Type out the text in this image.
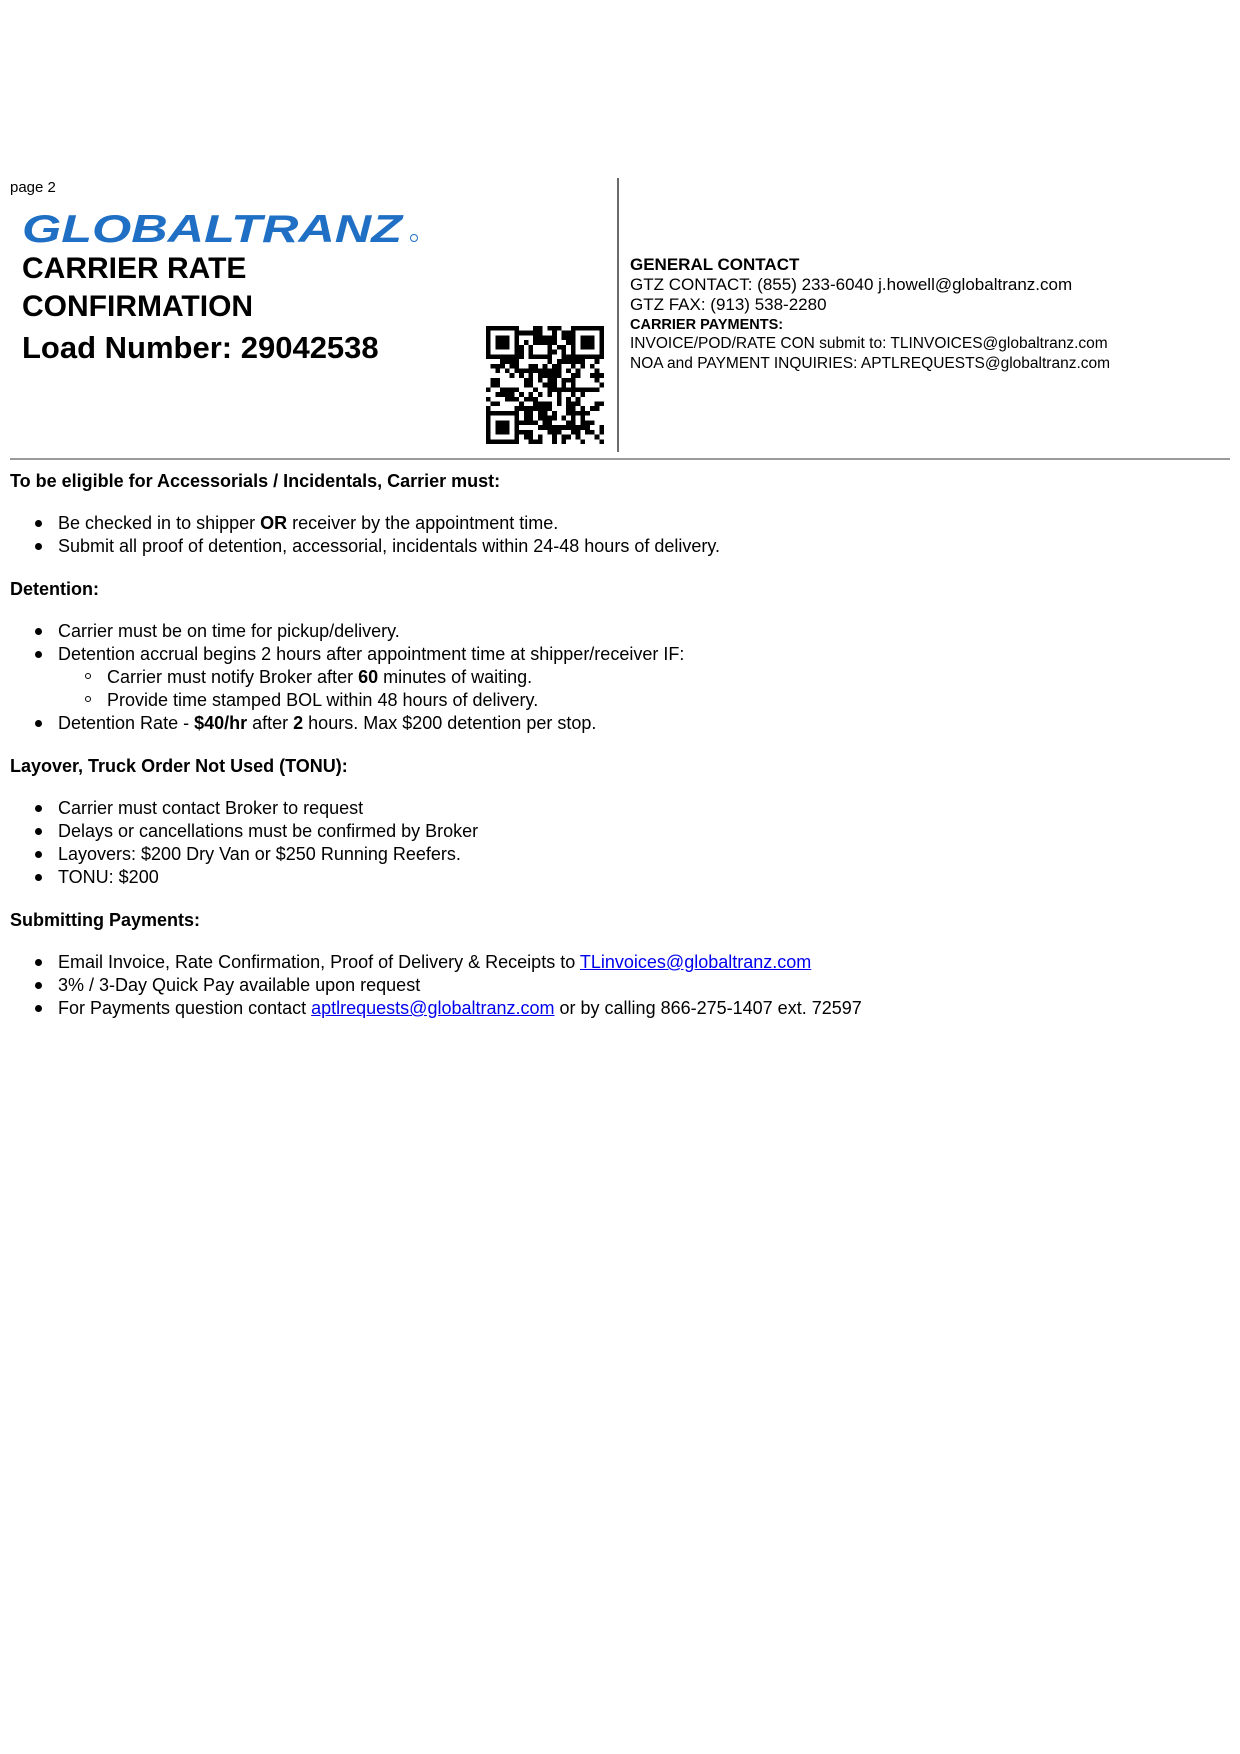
page 2
GLOBALTRANZ
CARRIER RATE
CONFIRMATION
Load Number: 29042538
GENERAL CONTACT
GTZ CONTACT: (855) 233-6040 j.howell@globaltranz.com
GTZ FAX: (913) 538-2280
CARRIER PAYMENTS:
INVOICE/POD/RATE CON submit to: TLINVOICES@globaltranz.com
NOA and PAYMENT INQUIRIES: APTLREQUESTS@globaltranz.com
To be eligible for Accessorials / Incidentals, Carrier must:
Be checked in to shipper OR receiver by the appointment time.
Submit all proof of detention, accessorial, incidentals within 24-48 hours of delivery.
Detention:
Carrier must be on time for pickup/delivery.
Detention accrual begins 2 hours after appointment time at shipper/receiver IF:
Carrier must notify Broker after 60 minutes of waiting.
Provide time stamped BOL within 48 hours of delivery.
Detention Rate - $40/hr after 2 hours. Max $200 detention per stop.
Layover, Truck Order Not Used (TONU):
Carrier must contact Broker to request
Delays or cancellations must be confirmed by Broker
Layovers: $200 Dry Van or $250 Running Reefers.
TONU: $200
Submitting Payments:
Email Invoice, Rate Confirmation, Proof of Delivery & Receipts to TLinvoices@globaltranz.com
3% / 3-Day Quick Pay available upon request
For Payments question contact aptlrequests@globaltranz.com or by calling 866-275-1407 ext. 72597
